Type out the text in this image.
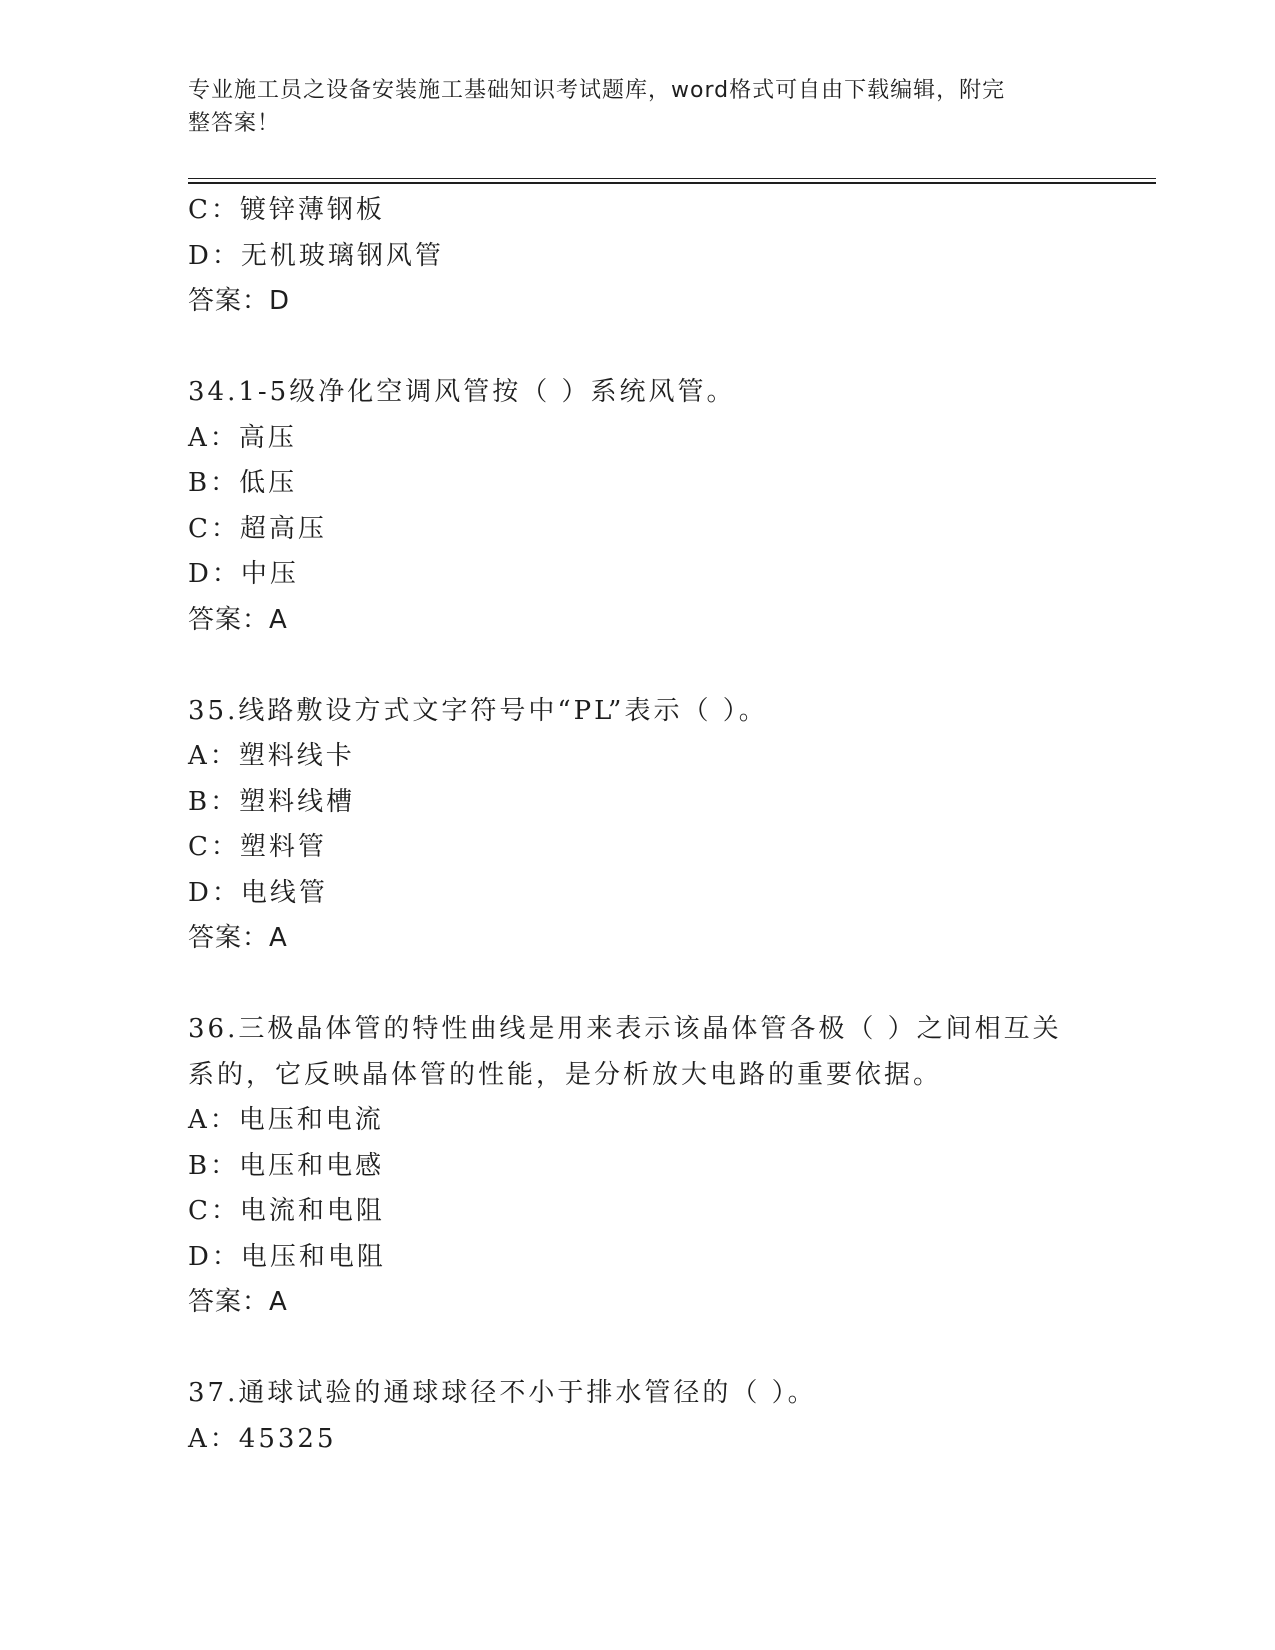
专业施工员之设备安装施工基础知识考试题库，word格式可自由下载编辑，附完
整答案！
C：镀锌薄钢板
D：无机玻璃钢风管
答案：D
34.1-5级净化空调风管按（ ）系统风管。
A：高压
B：低压
C：超高压
D：中压
答案：A
35.线路敷设方式文字符号中“PL”表示（ ）。
A：塑料线卡
B：塑料线槽
C：塑料管
D：电线管
答案：A
36.三极晶体管的特性曲线是用来表示该晶体管各极（ ）之间相互关
系的，它反映晶体管的性能，是分析放大电路的重要依据。
A：电压和电流
B：电压和电感
C：电流和电阻
D：电压和电阻
答案：A
37.通球试验的通球球径不小于排水管径的（ ）。
A：45325
